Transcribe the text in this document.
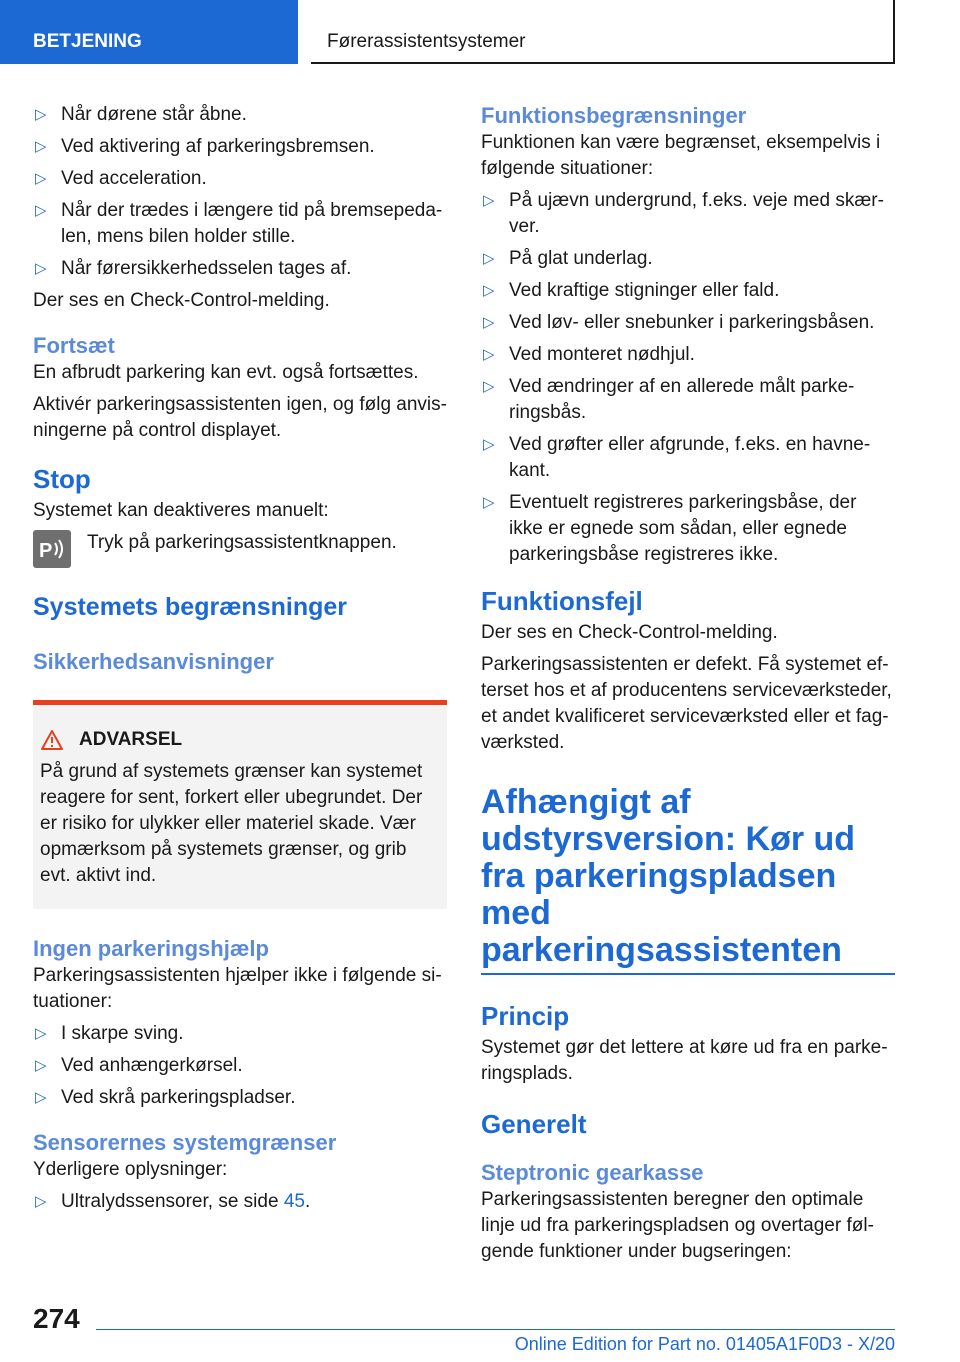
BETJENING	Førerassistentsystemer
▷ Når dørene står åbne.
▷ Ved aktivering af parkeringsbremsen.
▷ Ved acceleration.
▷ Når der trædes i længere tid på bremsepedalen, mens bilen holder stille.
▷ Når førersikkerhedsselen tages af.

Der ses en Check-Control-melding.

Fortsæt

En afbrudt parkering kan evt. også fortsættes.

Aktivér parkeringsassistenten igen, og følg anvisningerne på control displayet.

Stop

Systemet kan deaktiveres manuelt:

P Tryk på parkeringsassistentknappen.
Systemets begrænsninger
Sikkerhedsanvisninger
ADVARSEL
På grund af systemets grænser kan systemet reagere for sent, forkert eller ubegrundet. Der er risiko for ulykker eller materiel skade. Vær opmærksom på systemets grænser, og grib evt. aktivt ind.
Ingen parkeringshjælp

Parkeringsassistenten hjælper ikke i følgende situationer:

▷ I skarpe sving.
▷ Ved anhængerkørsel.
▷ Ved skrå parkeringspladser.
Sensorernes systemgrænser

Yderligere oplysninger:

▷ Ultralydssensorer, se side 45.
Funktionsbegrænsninger

Funktionen kan være begrænset, eksempelvis i følgende situationer:

▷ På ujævn undergrund, f.eks. veje med skærver.
▷ På glat underlag.
▷ Ved kraftige stigninger eller fald.
▷ Ved løv- eller snebunker i parkeringsbåsen.
▷ Ved monteret nødhjul.
▷ Ved ændringer af en allerede målt parkeringsbås.
▷ Ved grøfter eller afgrunde, f.eks. en havnekant.
▷ Eventuelt registreres parkeringsbåse, der ikke er egnede som sådan, eller egnede parkeringsbåse registreres ikke.
Funktionsfejl

Der ses en Check-Control-melding.

Parkeringsassistenten er defekt. Få systemet efterset hos et af producentens serviceværksteder, et andet kvalificeret serviceværksted eller et fagværksted.

Afhængigt af udstyrsversion: Kør ud fra parkeringspladsen med parkeringsassistenten
Princip

Systemet gør det lettere at køre ud fra en parkeringsplads.

Generelt
Steptronic gearkasse

Parkeringsassistenten beregner den optimale linje ud fra parkeringspladsen og overtager følgende funktioner under bugseringen:

274
Online Edition for Part no. 01405A1F0D3 - X/20
